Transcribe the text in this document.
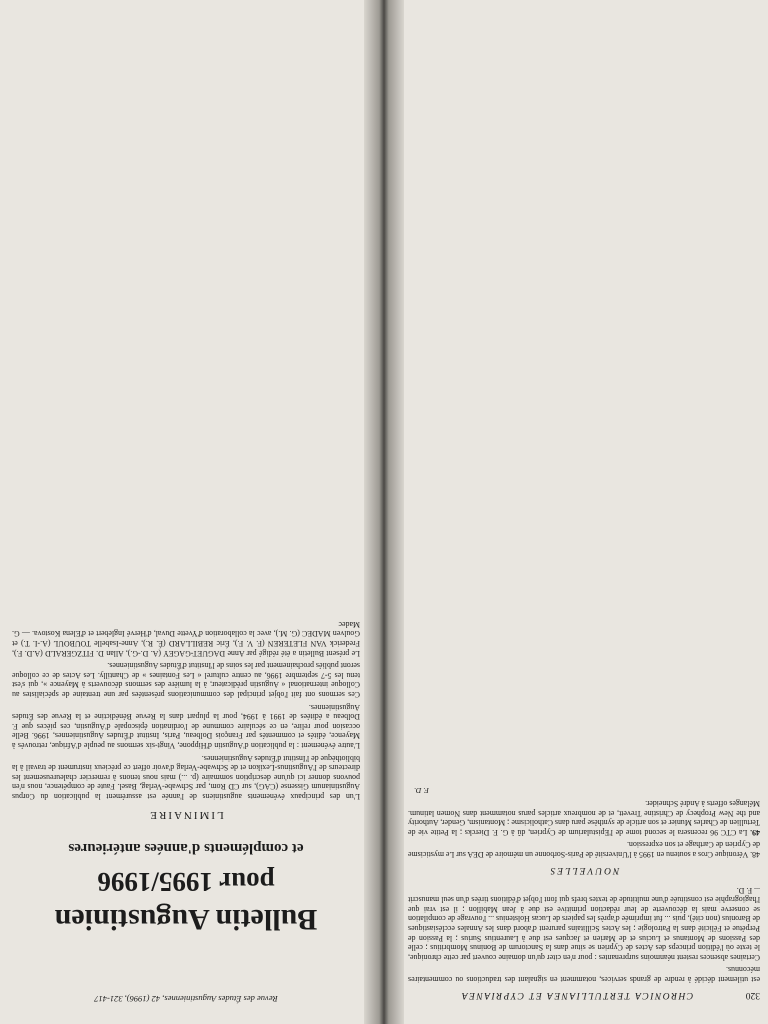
320
CHRONICA TERTULLIANEA ET CYPRIANEA

est utilement décidé à rendre de grands services, notamment en signalant des traductions ou commentaires méconnus.

Certaines absences restent néanmoins surprenantes : pour n'en citer qu'un domaine couvert par cette chronique, le texte où l'édition princeps des Actes de Cyprien se situe dans la Sanctorum de Boninus Mombritius ; celle des Passions de Montanus et Lucius et de Marien et Jacques est due à Laurentius Surius ; la Passion de Perpétue et Félicité dans la Patrologie ; les Actes Scillitains parurent d'abord dans les Annales ecclésiastiques de Baronius (non cité), puis ... fut imprimée d'après les papiers de Lucas Holstenius ... l'ouvrage de compilation se conserve mais la découverte de leur rédaction primitive est due à Jean Mabillon ; il est vrai que l'hagiographie est constituée d'une multitude de textes brefs qui font l'objet d'éditions tirées d'un seul manuscrit ... F. D.

NOUVELLES

48. Véronique Cros a soutenu en 1995 à l'Université de Paris-Sorbonne un mémoire de DEA sur Le mysticisme de Cyprien de Carthage et son expression.

49. La CTC 96 recensera le second tome de l'Epistularium de Cyprien, dû à G. F. Diercks ; la Petite vie de Tertullien de Charles Munier et son article de synthèse paru dans Catholicisme ; Montanism, Gender, Authority and the New Prophecy de Christine Trevett, et de nombreux articles parus notamment dans Nomen latinum. Mélanges offerts à André Schneider.

F. D.
Revue des Études Augustiniennes, 42 (1996), 321-417
Bulletin Augustinien
pour 1995/1996
et compléments d'années antérieures
LIMINAIRE

L'un des principaux événements augustiniens de l'année est assurément la publication du Corpus Augustinianum Gissense (CAG), sur CD Rom, par Schwabe-Verlag, Basel. Faute de compétence, nous n'en pouvons donner ici qu'une description sommaire (p. ...) mais nous tenons à remercier chaleureusement les directeurs de l'Augustinus-Lexikon et de Schwabe-Verlag d'avoir offert ce précieux instrument de travail à la bibliothèque de l'Institut d'Études Augustiniennes.

L'autre événement : la publication d'Augustin d'Hippone, Vingt-six sermons au peuple d'Afrique, retrouvés à Mayence, édités et commentés par François Dolbeau, Paris, Institut d'Études Augustiniennes, 1996. Belle occasion pour relire, en ce séculaire commune de l'ordination épiscopale d'Augustin, ces pièces que F. Dolbeau a éditées de 1991 à 1994, pour la plupart dans la Revue Bénédictine et la Revue des Études Augustiniennes.

Ces sermons ont fait l'objet principal des communications présentées par une trentaine de spécialistes au Colloque international « Augustin prédicateur, à la lumière des sermons découverts à Mayence », qui s'est tenu les 5-7 septembre 1996, au centre culturel « Les Fontaines » de Chantilly. Les Actes de ce colloque seront publiés prochainement par les soins de l'Institut d'Études Augustiniennes.

Le présent Bulletin a été rédigé par Anne DAGUET-GAGEY (A. D.-G.), Allan D. FITZGERALD (A.D. F.), Frederick VAN FLETEREN (F. V. F.), Éric REBILLARD (É. R.), Anne-Isabelle TOUBOUL (A.-I. T.) et Goulven MADEC (G. M.), avec la collaboration d'Yvette Duval, d'Hervé Inglebert et d'Elena Kostova. — G. Madec
